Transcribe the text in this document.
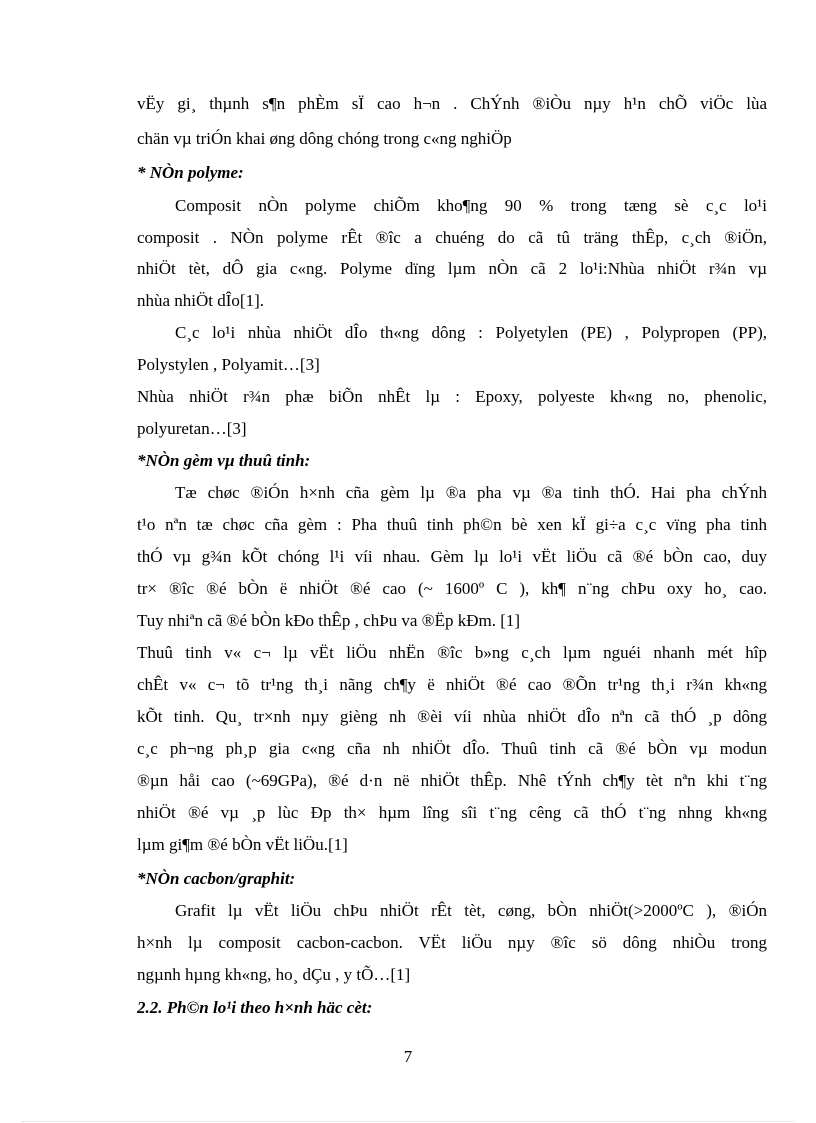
vËy gi¸ thµnh s¶n phÈm sÏ cao h¬n . ChÝnh ®iÒu nµy h¹n chÕ viÖc lùa
chän vµ triÓn khai øng dông chóng trong c«ng nghiÖp
* NÒn polyme:
Composit nÒn polyme chiÕm kho¶ng 90 % trong tæng sè c¸c lo¹i
composit . NÒn polyme rÊt ®îc a chuéng do cã tû träng thÊp, c¸ch ®iÖn,
nhiÖt tèt, dÔ gia c«ng. Polyme dïng lµm nÒn cã 2 lo¹i:Nhùa nhiÖt r¾n vµ
nhùa nhiÖt dÎo[1].
C¸c lo¹i nhùa nhiÖt dÎo th«ng dông : Polyetylen (PE) , Polypropen (PP),
Polystylen , Polyamit…[3]
Nhùa nhiÖt r¾n phæ biÕn nhÊt lµ : Epoxy, polyeste kh«ng no, phenolic,
polyuretan…[3]
*NÒn gèm vµ thuû tinh:
Tæ chøc ®iÓn h×nh cña gèm lµ ®a pha vµ ®a tinh thÓ. Hai pha chÝnh
t¹o nªn tæ chøc cña gèm : Pha thuû tinh ph©n bè xen kÏ gi÷a c¸c vïng pha tinh
thÓ vµ g¾n kÕt chóng l¹i víi nhau. Gèm lµ lo¹i vËt liÖu cã ®é bÒn cao, duy
tr× ®îc ®é bÒn ë nhiÖt ®é cao (~ 1600º C ), kh¶ n¨ng chÞu oxy ho¸ cao.
Tuy nhiªn cã ®é bÒn kÐo thÊp , chÞu va ®Ëp kÐm. [1]
Thuû tinh v« c¬ lµ vËt liÖu nhËn ®îc b»ng c¸ch lµm nguéi nhanh mét hîp
chÊt v« c¬ tõ tr¹ng th¸i nãng ch¶y ë nhiÖt ®é cao ®Õn tr¹ng th¸i r¾n kh«ng
kÕt tinh. Qu¸ tr×nh nµy gièng nh ®èi víi nhùa nhiÖt dÎo nªn cã thÓ ¸p dông
c¸c ph¬ng ph¸p gia c«ng cña nh nhiÖt dÎo. Thuû tinh cã ®é bÒn vµ modun
®µn håi cao (~69GPa), ®é d·n në nhiÖt thÊp. Nhê tÝnh ch¶y tèt nªn khi t¨ng
nhiÖt ®é vµ ¸p lùc Ðp th× hµm lîng sîi t¨ng cêng cã thÓ t¨ng nhng kh«ng
lµm gi¶m ®é bÒn vËt liÖu.[1]
*NÒn cacbon/graphit:
Grafit lµ vËt liÖu chÞu nhiÖt rÊt tèt, cøng, bÒn nhiÖt(>2000ºC ), ®iÓn
h×nh lµ composit cacbon-cacbon. VËt liÖu nµy ®îc sö dông nhiÒu trong
ngµnh hµng kh«ng, ho¸ dÇu , y tÕ…[1]
2.2. Ph©n lo¹i theo h×nh häc cèt:
7
